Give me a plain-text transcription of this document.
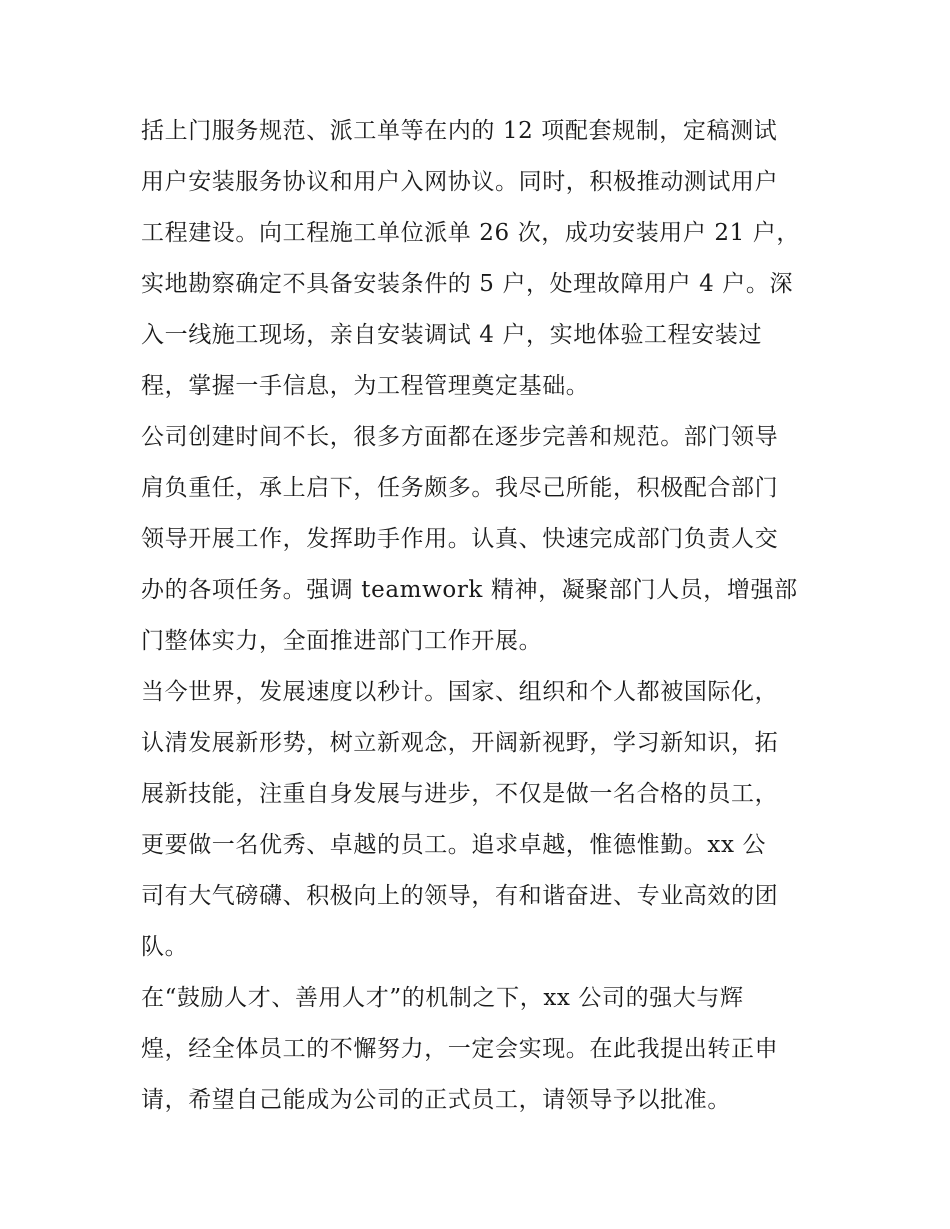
括上门服务规范、派工单等在内的 12 项配套规制，定稿测试
用户安装服务协议和用户入网协议。同时，积极推动测试用户
工程建设。向工程施工单位派单 26 次，成功安装用户 21 户，
实地勘察确定不具备安装条件的 5 户，处理故障用户 4 户。深
入一线施工现场，亲自安装调试 4 户，实地体验工程安装过
程，掌握一手信息，为工程管理奠定基础。
公司创建时间不长，很多方面都在逐步完善和规范。部门领导
肩负重任，承上启下，任务颇多。我尽己所能，积极配合部门
领导开展工作，发挥助手作用。认真、快速完成部门负责人交
办的各项任务。强调 teamwork 精神，凝聚部门人员，增强部
门整体实力，全面推进部门工作开展。
当今世界，发展速度以秒计。国家、组织和个人都被国际化，
认清发展新形势，树立新观念，开阔新视野，学习新知识，拓
展新技能，注重自身发展与进步，不仅是做一名合格的员工，
更要做一名优秀、卓越的员工。追求卓越，惟德惟勤。xx 公
司有大气磅礴、积极向上的领导，有和谐奋进、专业高效的团
队。
在“鼓励人才、善用人才”的机制之下，xx 公司的强大与辉
煌，经全体员工的不懈努力，一定会实现。在此我提出转正申
请，希望自己能成为公司的正式员工，请领导予以批准。
